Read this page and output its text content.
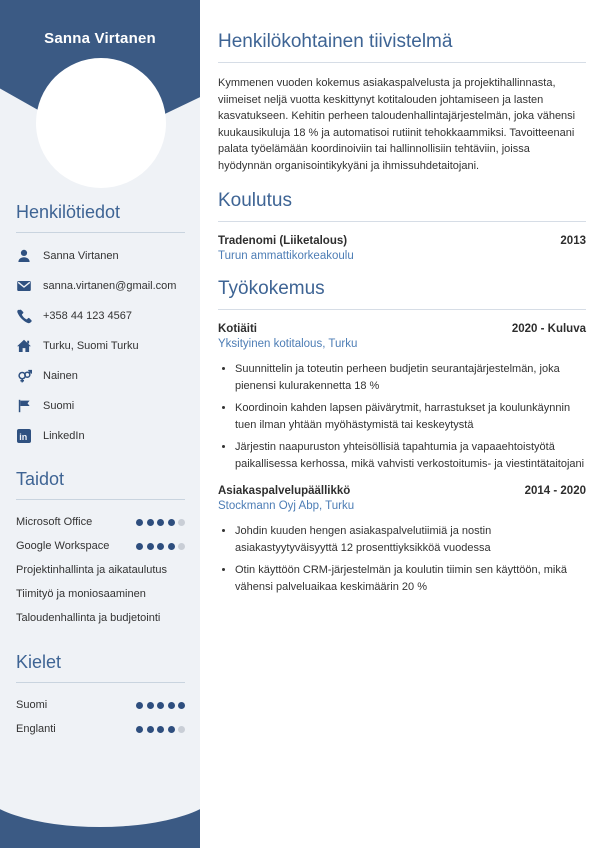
Sanna Virtanen
Henkilötiedot
Sanna Virtanen
sanna.virtanen@gmail.com
+358 44 123 4567
Turku, Suomi Turku
Nainen
Suomi
in LinkedIn
Taidot
Microsoft Office
Google Workspace
Projektinhallinta ja aikataulutus
Tiimityö ja moniosaaminen
Taloudenhallinta ja budjetointi
Kielet
Suomi
Englanti
Henkilökohtainen tiivistelmä

Kymmenen vuoden kokemus asiakaspalvelusta ja projektihallinnasta, viimeiset neljä vuotta keskittynyt kotitalouden johtamiseen ja lasten kasvatukseen. Kehitin perheen taloudenhallintajärjestelmän, joka vähensi kuukausikuluja 18 % ja automatisoi rutiinit tehokkaammiksi. Tavoitteenani palata työelämään koordinoiviin tai hallinnollisiin tehtäviin, joissa hyödynnän organisointikykyäni ja ihmissuhdetaitojani.

Koulutus
Tradenomi (Liiketalous)	2013
Turun ammattikorkeakoulu
Työkokemus
Kotiäiti	2020 - Kuluva
Yksityinen kotitalous, Turku
• Suunnittelin ja toteutin perheen budjetin seurantajärjestelmän, joka pienensi kulurakennetta 18 %
• Koordinoin kahden lapsen päivärytmit, harrastukset ja koulunkäynnin tuen ilman yhtään myöhästymistä tai keskeytystä
• Järjestin naapuruston yhteisöllisiä tapahtumia ja vapaaehtoistyötä paikallisessa kerhossa, mikä vahvisti verkostoitumis- ja viestintätaitojani
Asiakaspalvelupäällikkö	2014 - 2020
Stockmann Oyj Abp, Turku
• Johdin kuuden hengen asiakaspalvelutiimiä ja nostin asiakastyytyväisyyttä 12 prosenttiyksikköä vuodessa
• Otin käyttöön CRM-järjestelmän ja koulutin tiimin sen käyttöön, mikä vähensi palveluaikaa keskimäärin 20 %
